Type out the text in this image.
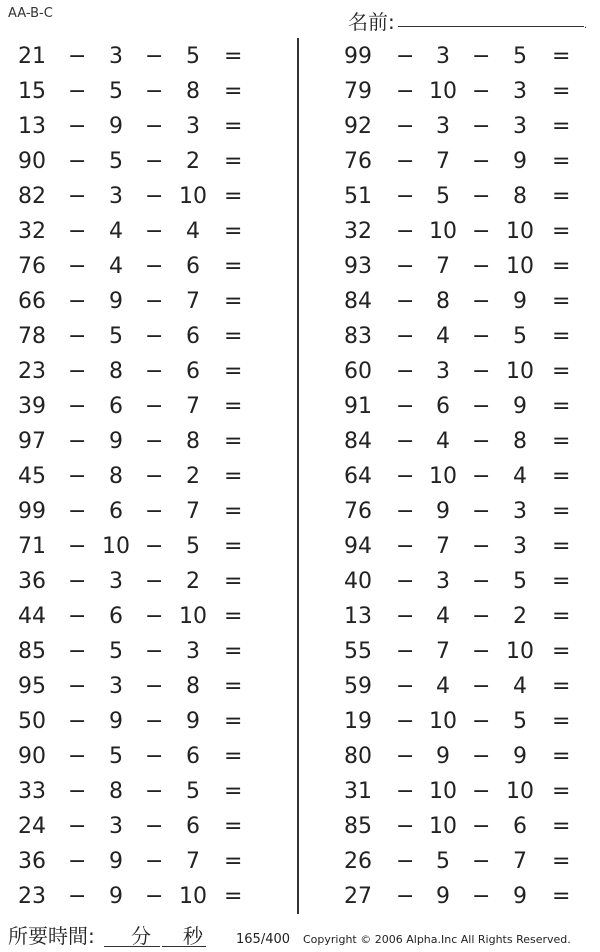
AA-B-C	名前:	.
21 −	3	−	5	=
15 −	5	−	8	=
13 −	9	−	3	=
90 −	5	−	2	=
82 −	3	− 10 =
32 −	4	−	4	=
76 −	4	−	6	=
66 −	9	−	7	=
78 −	5	−	6	=
23 −	8	−	6	=
39 −	6	−	7	=
97 −	9	−	8	=
45 −	8	−	2	=
99 −	6	−	7	=
71 − 10 −	5	=
36 −	3	−	2	=
44 −	6	− 10 =
85 −	5	−	3	=
95 −	3	−	8	=
50 −	9	−	9	=
90 −	5	−	6	=
33 −	8	−	5	=
24 −	3	−	6	=
36 −	9	−	7	=
23 −	9	− 10 =
99 − 3	−	5	=
79 − 10 −	3	=
92 − 3	−	3	=
76 − 7	−	9	=
51 − 5	−	8	=
32 − 10 − 10 =
93 − 7	− 10 =
84 − 8	−	9	=
83 − 4	−	5	=
60 − 3	− 10 =
91 − 6	−	9	=
84 − 4	−	8	=
64 − 10 −	4	=
76 − 9	−	3	=
94 − 7	−	3	=
40 − 3	−	5	=
13 − 4	−	2	=
55 − 7	− 10 =
59 − 4	−	4	=
19 − 10 −	5	=
80 − 9	−	9	=
31 − 10 − 10 =
85 − 10 −	6	=
26 − 5	−	7	=
27 − 9	−	9	=
所要時間: 分 秒	165/400 Copyright © 2006 Alpha.Inc All Rights Reserved.
